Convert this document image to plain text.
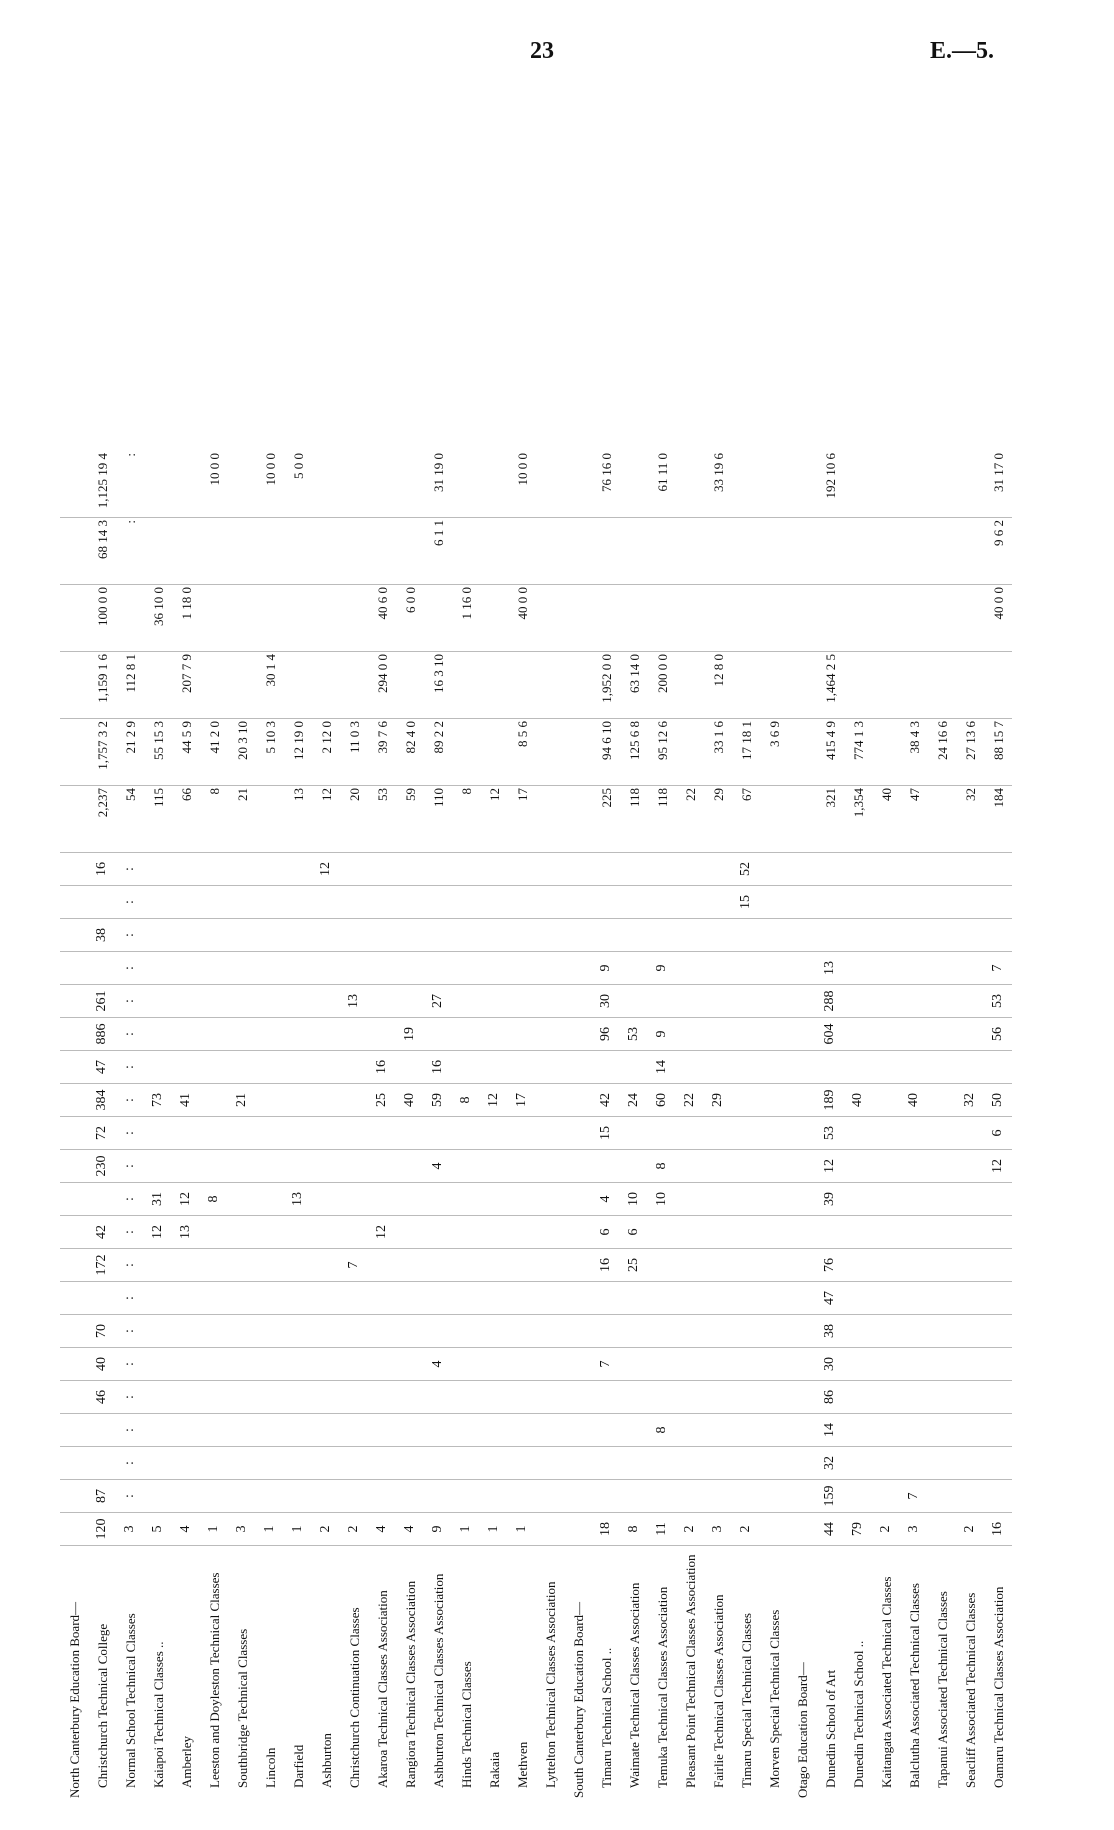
23	E.—5.
North Canterbury Education Board—																											
Christchurch Technical College	120	87			46	40	70		172	42		230	72	384	47	886	261		38		16	2,237	1,757 3 2	1,159 1 6	100 0 0	68 14 3	1,125 19 4
Normal School Technical Classes	3	:	:	:	:	:	:	:	:	:	:	:	:	:	:	:	:	:	:	:	:	54	21 2 9	112 8 1		:	:
Kaiapoi Technical Classes ..	5									12	31			73								115	55 15 3		36 10 0		
Amberley	4									13	12			41								66	44 5 9	207 7 9	1 18 0		
Leeston and Doyleston Technical Classes	1										8											8	41 2 0				10 0 0
Southbridge Technical Classes	3													21								21	20 3 10				
Lincoln	1																						5 10 3	30 1 4			10 0 0
Darfield	1										13											13	12 19 0				5 0 0
Ashburton	2																				12	12	2 12 0				
Christchurch Continuation Classes	2								7								13					20	11 0 3				
Akaroa Technical Classes Association	4									12				25	16							53	39 7 6	294 0 0	40 6 0		
Rangiora Technical Classes Association	4													40		19						59	82 4 0		6 0 0		
Ashburton Technical Classes Association	9					4						4		59	16		27					110	89 2 2	16 3 10		6 1 1	31 19 0
Hinds Technical Classes	1													8								8			1 16 0		
Rakaia	1													12								12					
Methven	1													17								17	8 5 6		40 0 0		10 0 0
Lyttelton Technical Classes Association																											
South Canterbury Education Board—																											
Timaru Technical School ..	18					7			16	6	4		15	42		96	30	9				225	94 6 10	1,952 0 0			76 16 0
Waimate Technical Classes Association	8								25	6	10			24		53						118	125 6 8	63 14 0			
Temuka Technical Classes Association	11			8							10	8		60	14	9		9				118	95 12 6	200 0 0			61 11 0
Pleasant Point Technical Classes Association	2													22								22					
Fairlie Technical Classes Association	3													29								29	33 1 6	12 8 0			33 19 6
Timaru Special Technical Classes	2																			15	52	67	17 18 1				
Morven Special Technical Classes																							3 6 9				
Otago Education Board—																											
Dunedin School of Art	44	159	32	14	86	30	38	47	76		39	12	53	189		604	288	13				321	415 4 9	1,464 2 5			192 10 6
Dunedin Technical School ..	79													40								1,354	774 1 3				
Kaitangata Associated Technical Classes	2																					40					
Balclutha Associated Technical Classes	3	7												40								47	38 4 3				
Tapanui Associated Technical Classes																							24 16 6				
Seacliff Associated Technical Classes	2													32								32	27 13 6				
Oamaru Technical Classes Association	16											12	6	50		56	53	7				184	88 15 7		40 0 0	9 6 2	31 17 0
